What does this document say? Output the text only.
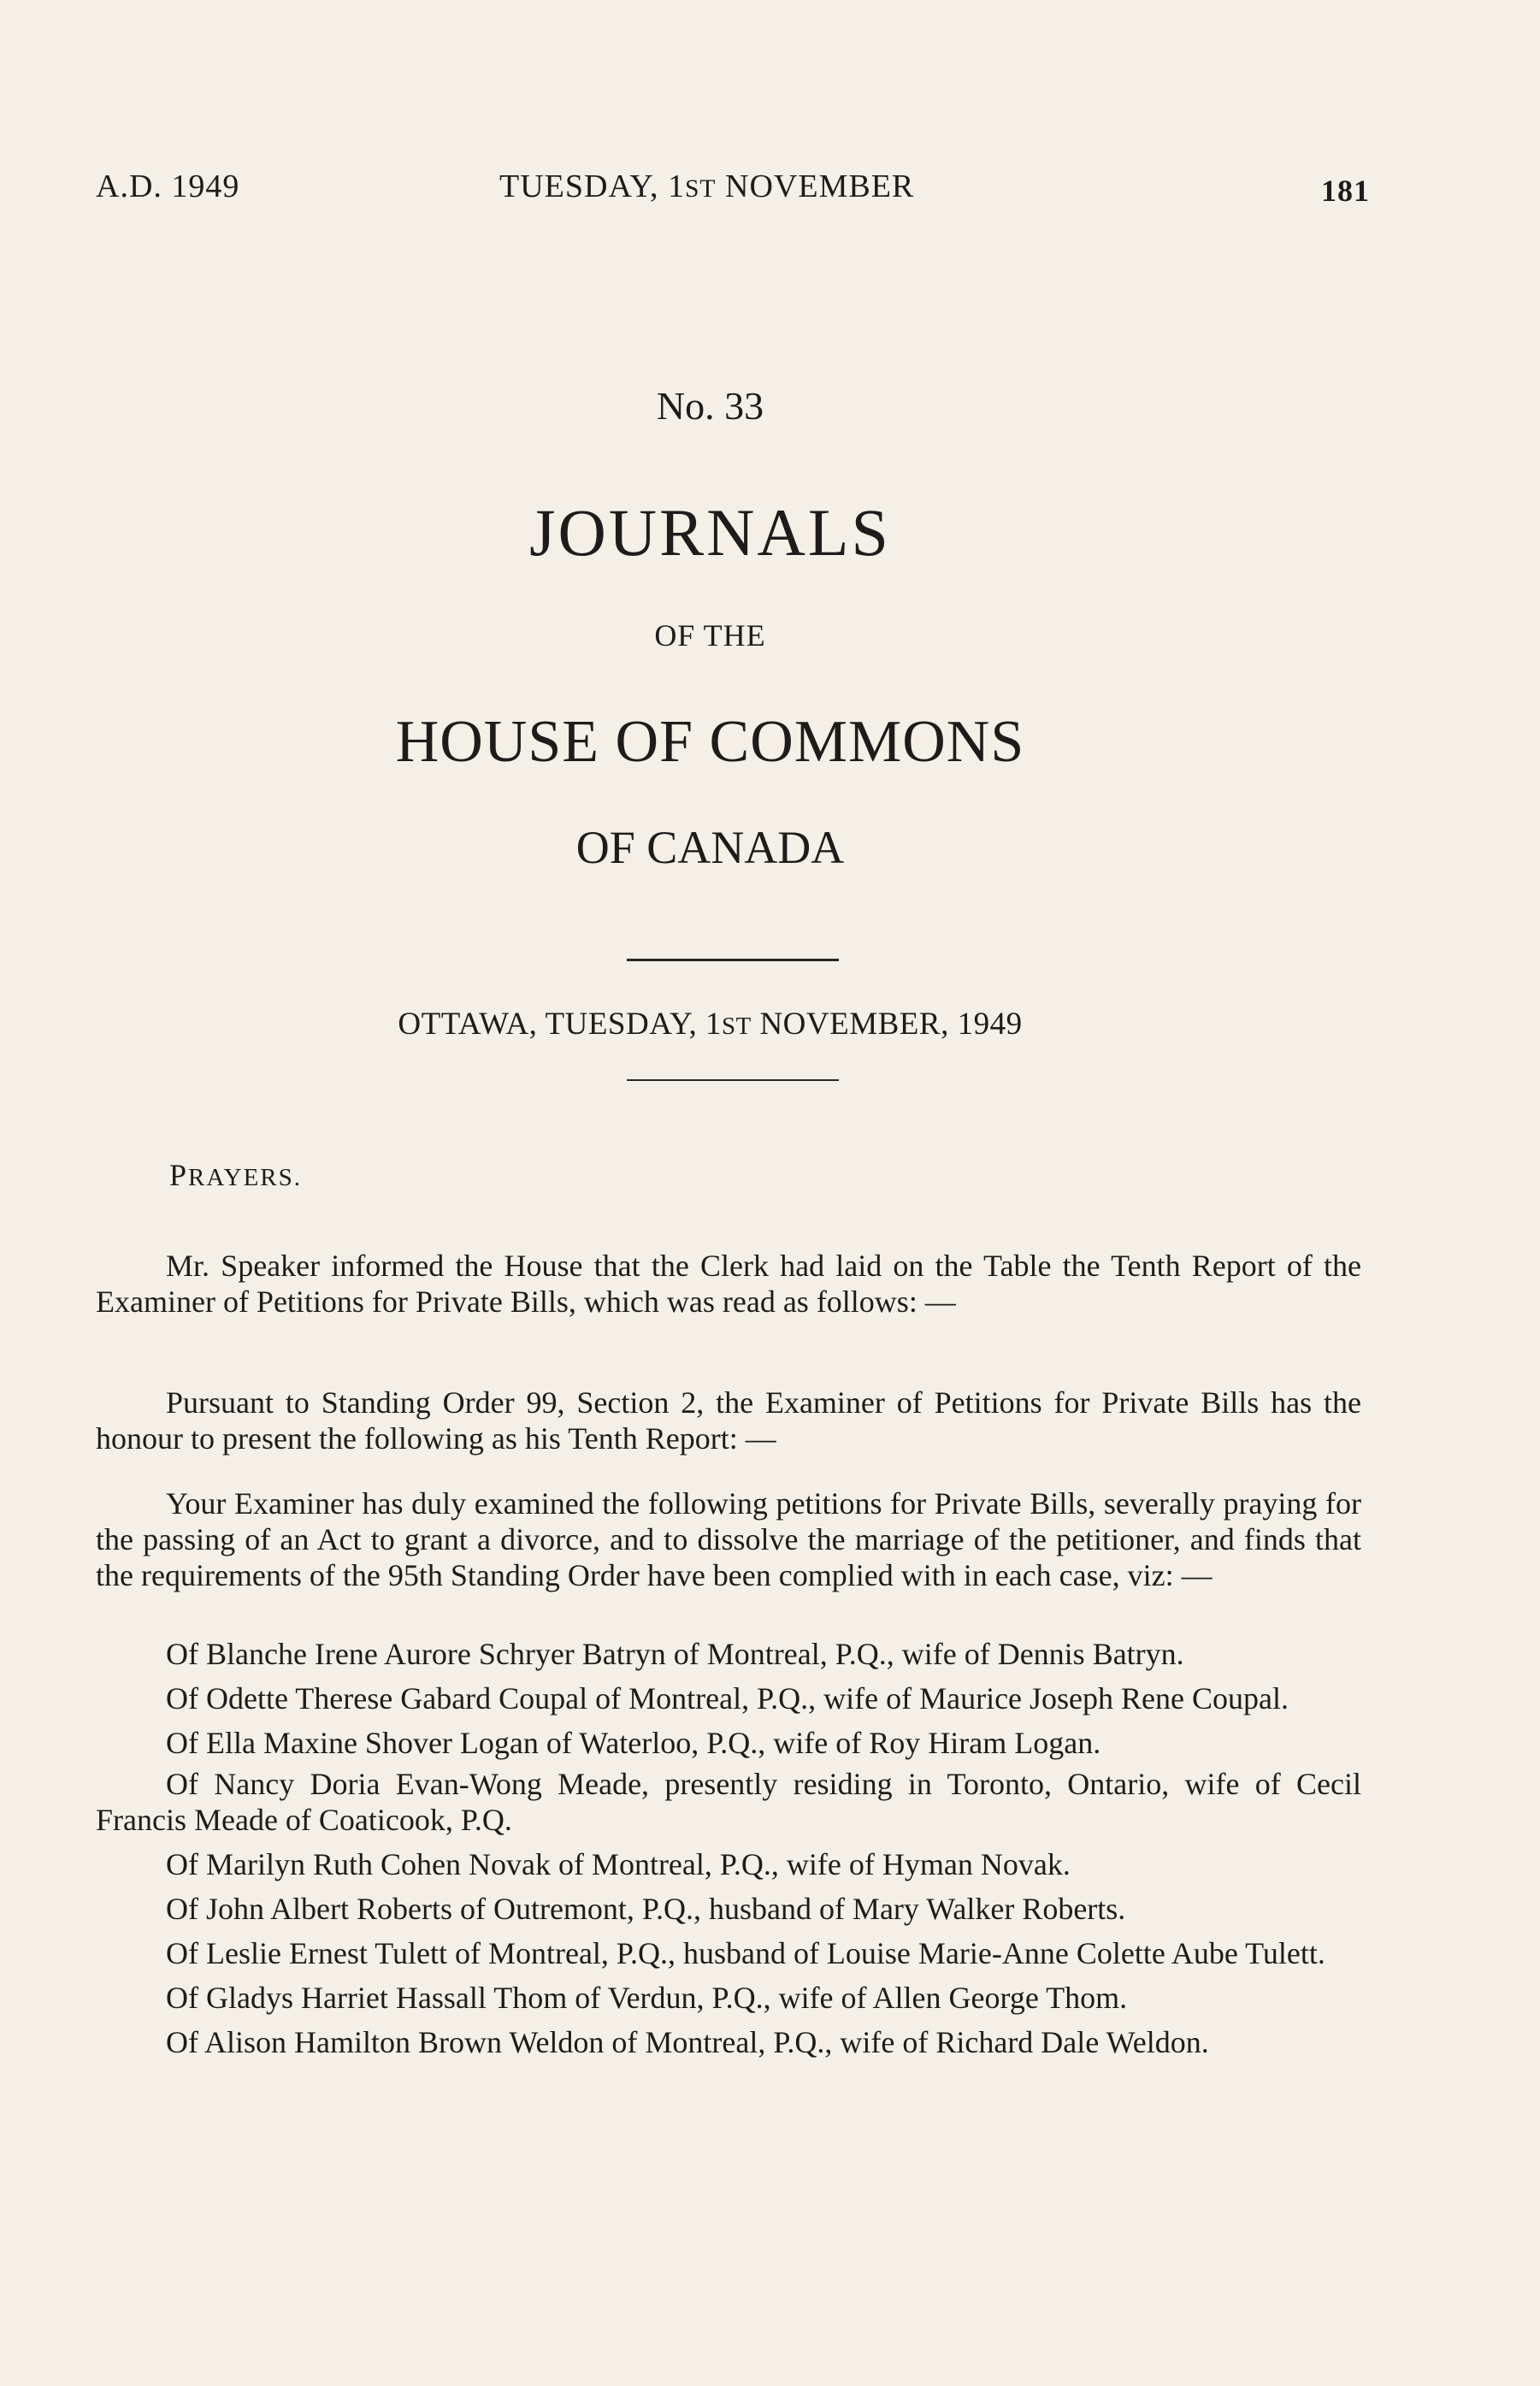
A.D. 1949	TUESDAY, 1ST NOVEMBER	181
No. 33
JOURNALS
OF THE
HOUSE OF COMMONS
OF CANADA
OTTAWA, TUESDAY, 1ST NOVEMBER, 1949
PRAYERS.

Mr. Speaker informed the House that the Clerk had laid on the Table the Tenth Report of the Examiner of Petitions for Private Bills, which was read as follows: —

Pursuant to Standing Order 99, Section 2, the Examiner of Petitions for Private Bills has the honour to present the following as his Tenth Report: —

Your Examiner has duly examined the following petitions for Private Bills, severally praying for the passing of an Act to grant a divorce, and to dissolve the marriage of the petitioner, and finds that the requirements of the 95th Standing Order have been complied with in each case, viz: —

Of Blanche Irene Aurore Schryer Batryn of Montreal, P.Q., wife of Dennis Batryn.

Of Odette Therese Gabard Coupal of Montreal, P.Q., wife of Maurice Joseph Rene Coupal.

Of Ella Maxine Shover Logan of Waterloo, P.Q., wife of Roy Hiram Logan.

Of Nancy Doria Evan-Wong Meade, presently residing in Toronto, Ontario, wife of Cecil Francis Meade of Coaticook, P.Q.

Of Marilyn Ruth Cohen Novak of Montreal, P.Q., wife of Hyman Novak.

Of John Albert Roberts of Outremont, P.Q., husband of Mary Walker Roberts.

Of Leslie Ernest Tulett of Montreal, P.Q., husband of Louise Marie-Anne Colette Aube Tulett.

Of Gladys Harriet Hassall Thom of Verdun, P.Q., wife of Allen George Thom.

Of Alison Hamilton Brown Weldon of Montreal, P.Q., wife of Richard Dale Weldon.
